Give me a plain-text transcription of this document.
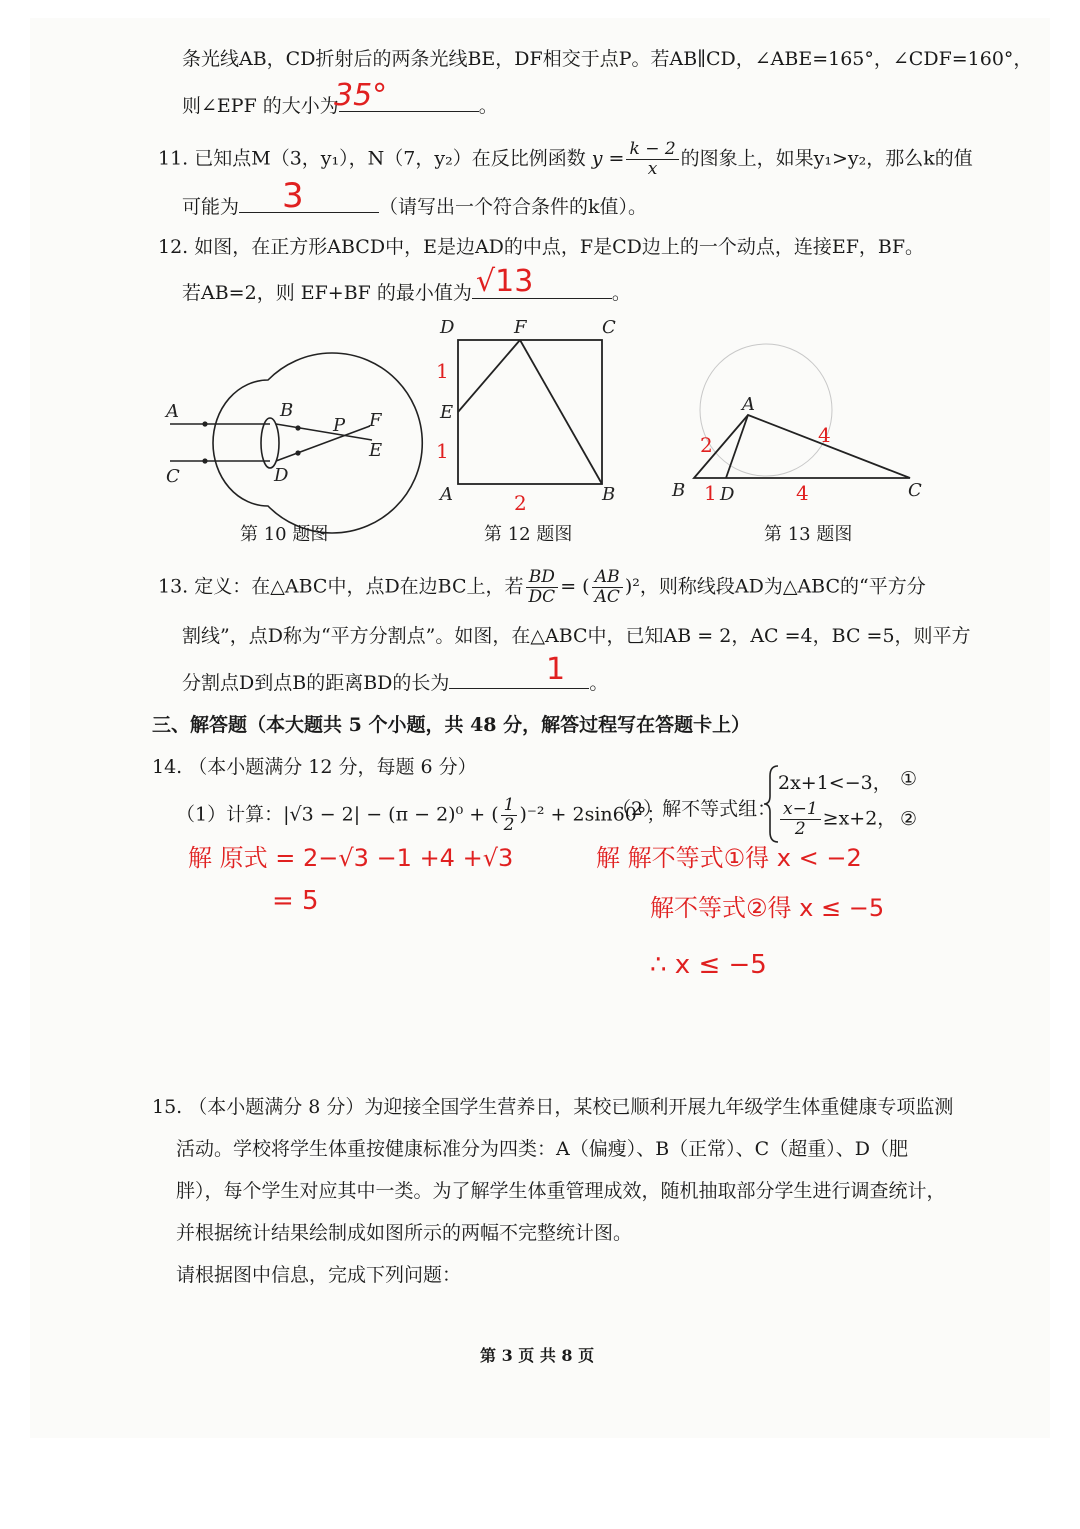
条光线AB，CD折射后的两条光线BE，DF相交于点P。若AB∥CD，∠ABE=165°，∠CDF=160°，
则∠EPF 的大小为	。
35°
11. 已知点M（3，y₁），N（7，y₂）在反比例函数 $y = \frac{k - 2}{x}$ 的图象上，如果y₁>y₂，那么k的值
可能为	（请写出一个符合条件的k值）。
3
12. 如图，在正方形ABCD中，E是边AD的中点，F是CD边上的一个动点，连接EF，BF。
若AB=2，则 EF+BF 的最小值为	。
√13
A	B
C	D
P F
E
D	F	C
E
A	B
1
1
2
A
B D	C
2	4
1	4
第 10 题图	第 12 题图	第 13 题图
13. 定义：在△ABC中，点D在边BC上，若 $\frac{BD}{DC}$ = ( $\frac{AB}{AC} )^2$，则称线段AD为△ABC的“平方分
割线”，点D称为“平方分割点”。如图，在△ABC中，已知AB = 2，AC =4，BC =5，则平方
分割点D到点B的距离BD的长为	。
1
三、解答题（本大题共 5 个小题，共 48 分，解答过程写在答题卡上）
14. （本小题满分 12 分，每题 6 分）
（1）计算：|√3 − 2| − (π − 2)⁰ + ( $\frac{1}{2} )^{-2} + 2\sin 60^\circ$；
（2）解不等式组：
2x+1<−3，
$\frac{x-1}{2} \ge x+2$，
①
②
解 原式 = 2−√3 −1 +4 +√3
= 5
解 解不等式①得 x < −2
解不等式②得 x ≤ −5
∴ x ≤ −5
15. （本小题满分 8 分）为迎接全国学生营养日，某校已顺利开展九年级学生体重健康专项监测
活动。学校将学生体重按健康标准分为四类：A（偏瘦）、B（正常）、C（超重）、D（肥
胖），每个学生对应其中一类。为了解学生体重管理成效，随机抽取部分学生进行调查统计，
并根据统计结果绘制成如图所示的两幅不完整统计图。
请根据图中信息，完成下列问题：
第 3 页 共 8 页
